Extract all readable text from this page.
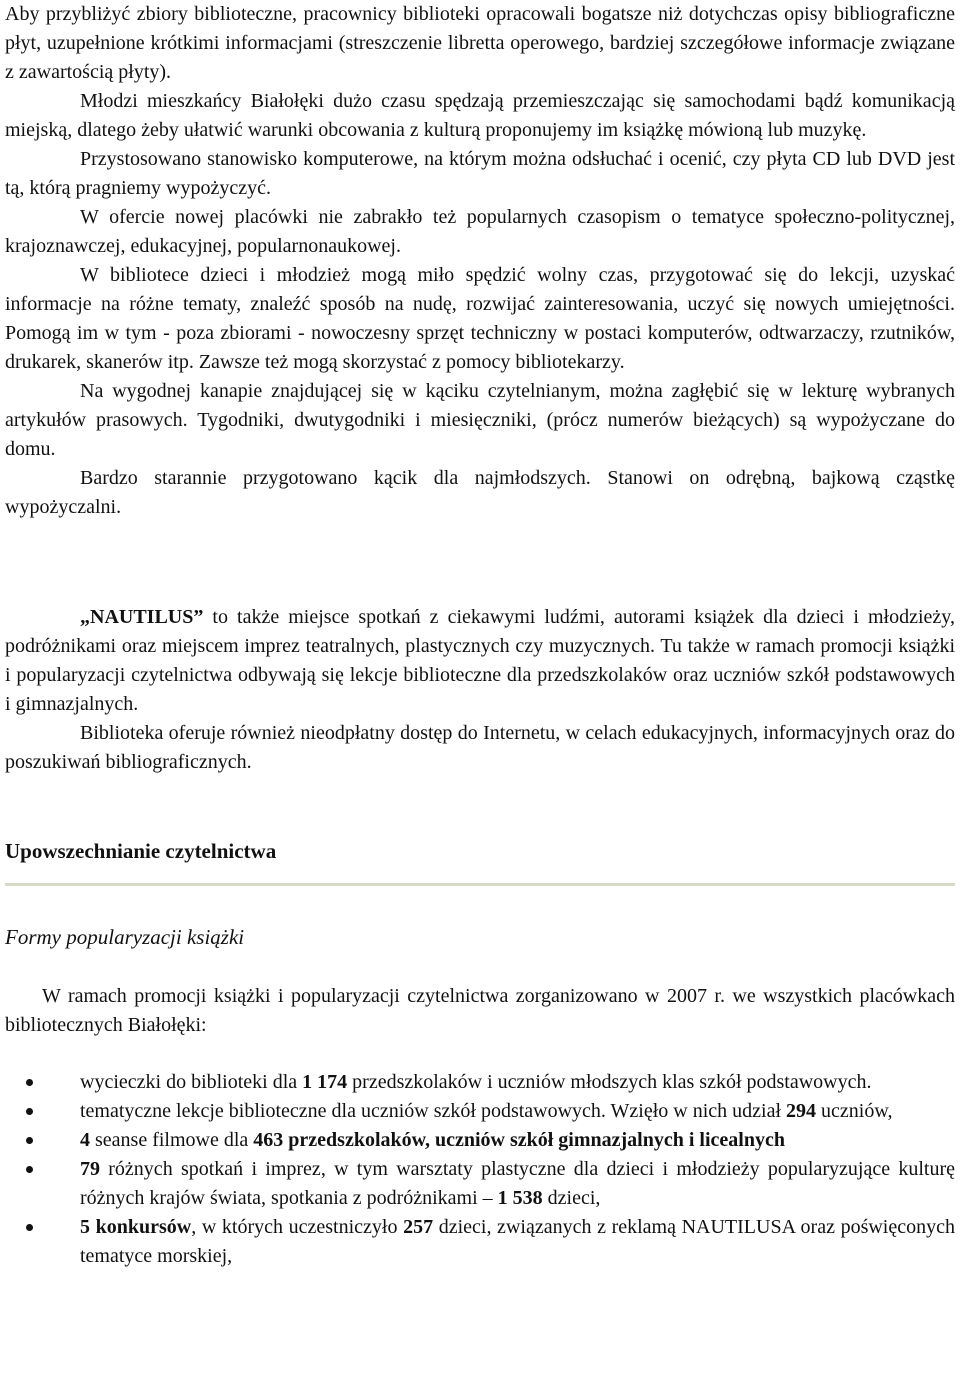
Aby przybliżyć zbiory biblioteczne, pracownicy biblioteki opracowali bogatsze niż dotychczas opisy bibliograficzne płyt, uzupełnione krótkimi informacjami (streszczenie libretta operowego, bardziej szczegółowe informacje związane z zawartością płyty).

Młodzi mieszkańcy Białołęki dużo czasu spędzają przemieszczając się samochodami bądź komunikacją miejską, dlatego żeby ułatwić warunki obcowania z kulturą proponujemy im książkę mówioną lub muzykę.

Przystosowano stanowisko komputerowe, na którym można odsłuchać i ocenić, czy płyta CD lub DVD jest tą, którą pragniemy wypożyczyć.

W ofercie nowej placówki nie zabrakło też popularnych czasopism o tematyce społeczno-politycznej, krajoznawczej, edukacyjnej, popularnonaukowej.

W bibliotece dzieci i młodzież mogą miło spędzić wolny czas, przygotować się do lekcji, uzyskać informacje na różne tematy, znaleźć sposób na nudę, rozwijać zainteresowania, uczyć się nowych umiejętności. Pomogą im w tym - poza zbiorami - nowoczesny sprzęt techniczny w postaci komputerów, odtwarzaczy, rzutników, drukarek, skanerów itp. Zawsze też mogą skorzystać z pomocy bibliotekarzy.

Na wygodnej kanapie znajdującej się w kąciku czytelnianym, można zagłębić się w lekturę wybranych artykułów prasowych. Tygodniki, dwutygodniki i miesięczniki, (prócz numerów bieżących) są wypożyczane do domu.

Bardzo starannie przygotowano kącik dla najmłodszych. Stanowi on odrębną, bajkową cząstkę wypożyczalni.

„NAUTILUS” to także miejsce spotkań z ciekawymi ludźmi, autorami książek dla dzieci i młodzieży, podróżnikami oraz miejscem imprez teatralnych, plastycznych czy muzycznych. Tu także w ramach promocji książki i popularyzacji czytelnictwa odbywają się lekcje biblioteczne dla przedszkolaków oraz uczniów szkół podstawowych i gimnazjalnych.

Biblioteka oferuje również nieodpłatny dostęp do Internetu, w celach edukacyjnych, informacyjnych oraz do poszukiwań bibliograficznych.

Upowszechnianie czytelnictwa
Formy popularyzacji książki

W ramach promocji książki i popularyzacji czytelnictwa zorganizowano w 2007 r. we wszystkich placówkach bibliotecznych Białołęki:

wycieczki do biblioteki dla 1 174 przedszkolaków i uczniów młodszych klas szkół podstawowych.
tematyczne lekcje biblioteczne dla uczniów szkół podstawowych. Wzięło w nich udział 294 uczniów,
4 seanse filmowe dla 463 przedszkolaków, uczniów szkół gimnazjalnych i licealnych
79 różnych spotkań i imprez, w tym warsztaty plastyczne dla dzieci i młodzieży popularyzujące kulturę różnych krajów świata, spotkania z podróżnikami – 1 538 dzieci,
5 konkursów, w których uczestniczyło 257 dzieci, związanych z reklamą NAUTILUSA oraz poświęconych tematyce morskiej,
